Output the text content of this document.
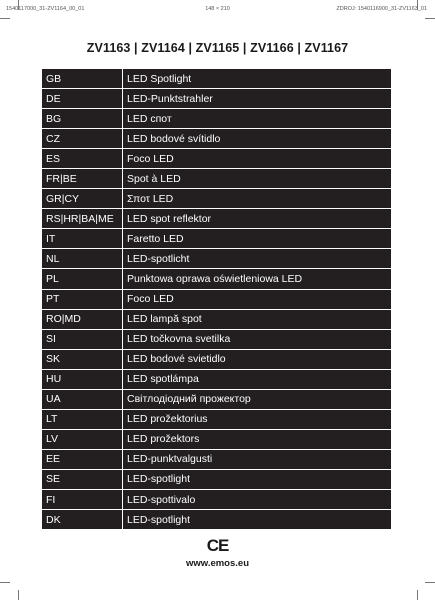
1540117000_31-ZV1164_00_01	148 × 210	ZDROJ: 1540116900_31-ZV1163_01
ZV1163 | ZV1164 | ZV1165 | ZV1166 | ZV1167
GB	LED Spotlight
DE	LED-Punktstrahler
BG	LED спот
CZ	LED bodové svítidlo
ES	Foco LED
FR|BE	Spot à LED
GR|CY	Σποτ LED
RS|HR|BA|ME	LED spot reflektor
IT	Faretto LED
NL	LED-spotlicht
PL	Punktowa oprawa oświetleniowa LED
PT	Foco LED
RO|MD	LED lampă spot
SI	LED točkovna svetilka
SK	LED bodové svietidlo
HU	LED spotlámpa
UA	Світлодіодний прожектор
LT	LED prožektorius
LV	LED prožektors
EE	LED-punktvalgusti
SE	LED-spotlight
FI	LED-spottivalo
DK	LED-spotlight
CE
www.emos.eu
